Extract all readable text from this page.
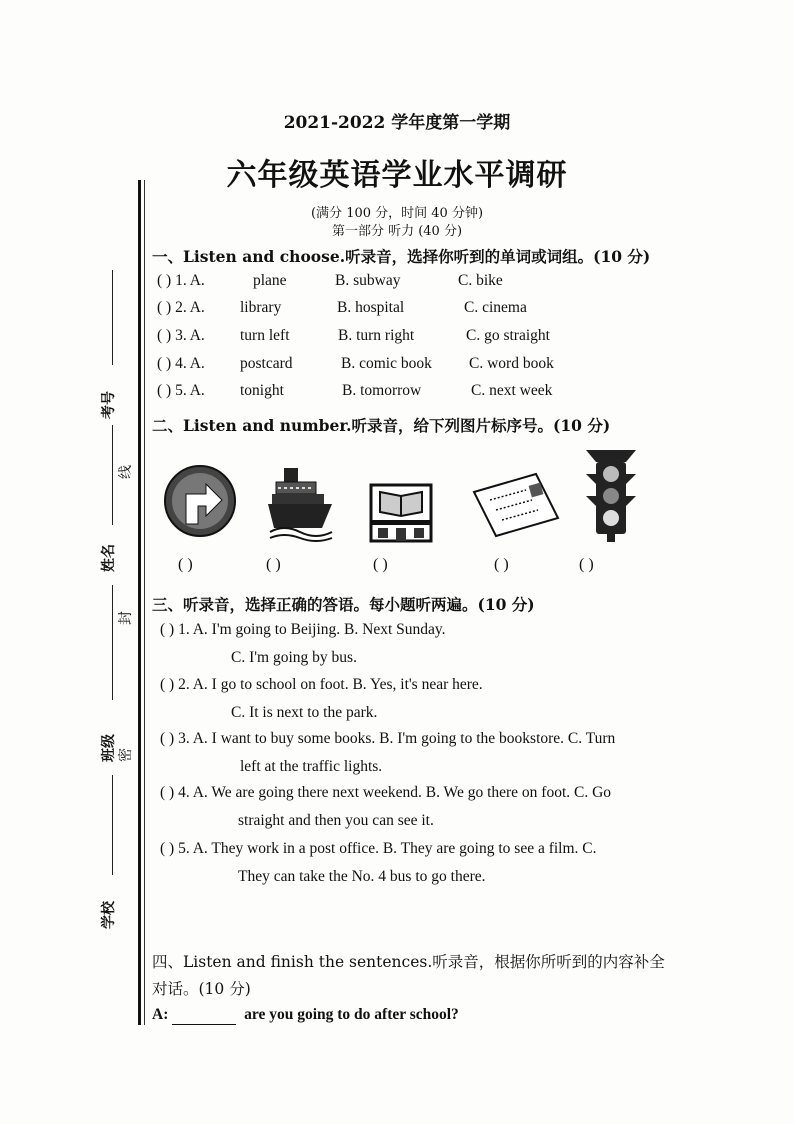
2021-2022 学年度第一学期
六年级英语学业水平调研
(满分 100 分，时间 40 分钟)
第一部分 听力 (40 分)
考号
线
姓名
封
班级 密
学校
一、Listen and choose.听录音，选择你听到的单词或词组。(10 分)
( ) 1. A.	plane	B. subway	C. bike
( ) 2. A. library	B. hospital	C. cinema
( ) 3. A. turn left	B. turn right	C. go straight
( ) 4. A. postcard	B. comic book C. word book
( ) 5. A. tonight	B. tomorrow	C. next week
二、Listen and number.听录音，给下列图片标序号。(10 分)
( )	( )	( )	( )	( )
三、听录音，选择正确的答语。每小题听两遍。(10 分)
( ) 1. A. I'm going to Beijing. B. Next Sunday.
C. I'm going by bus.
( ) 2. A. I go to school on foot. B. Yes, it's near here.
C. It is next to the park.
( ) 3. A. I want to buy some books. B. I'm going to the bookstore. C. Turn
left at the traffic lights.
( ) 4. A. We are going there next weekend. B. We go there on foot. C. Go
straight and then you can see it.
( ) 5. A. They work in a post office. B. They are going to see a film. C.
They can take the No. 4 bus to go there.
四、Listen and finish the sentences.听录音，根据你所听到的内容补全
对话。(10 分)
A:	are you going to do after school?
